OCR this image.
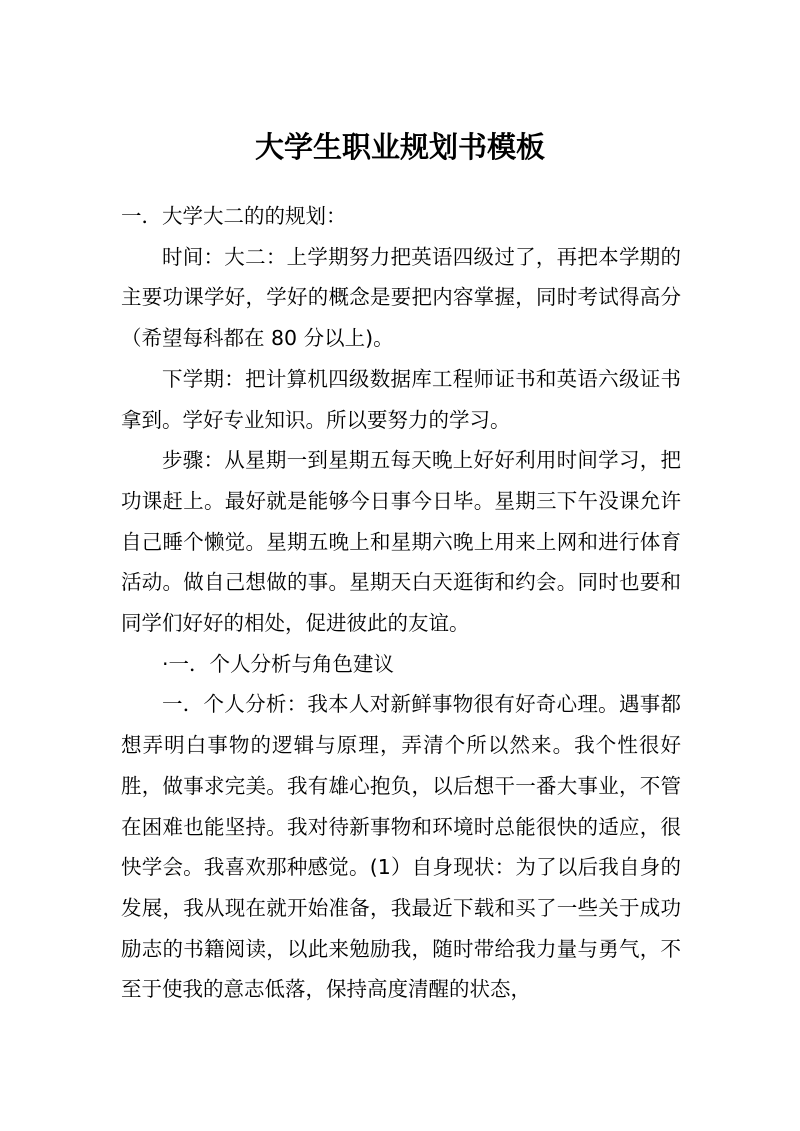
大学生职业规划书模板

一．大学大二的的规划：

时间：大二：上学期努力把英语四级过了，再把本学期的主要功课学好，学好的概念是要把内容掌握，同时考试得高分（希望每科都在 80 分以上)。

下学期：把计算机四级数据库工程师证书和英语六级证书拿到。学好专业知识。所以要努力的学习。

步骤：从星期一到星期五每天晚上好好利用时间学习，把功课赶上。最好就是能够今日事今日毕。星期三下午没课允许自己睡个懒觉。星期五晚上和星期六晚上用来上网和进行体育活动。做自己想做的事。星期天白天逛街和约会。同时也要和同学们好好的相处，促进彼此的友谊。

·一．个人分析与角色建议

一．个人分析：我本人对新鲜事物很有好奇心理。遇事都想弄明白事物的逻辑与原理，弄清个所以然来。我个性很好胜，做事求完美。我有雄心抱负，以后想干一番大事业，不管在困难也能坚持。我对待新事物和环境时总能很快的适应，很快学会。我喜欢那种感觉。(1）自身现状：为了以后我自身的发展，我从现在就开始准备，我最近下载和买了一些关于成功励志的书籍阅读，以此来勉励我，随时带给我力量与勇气，不至于使我的意志低落，保持高度清醒的状态，
